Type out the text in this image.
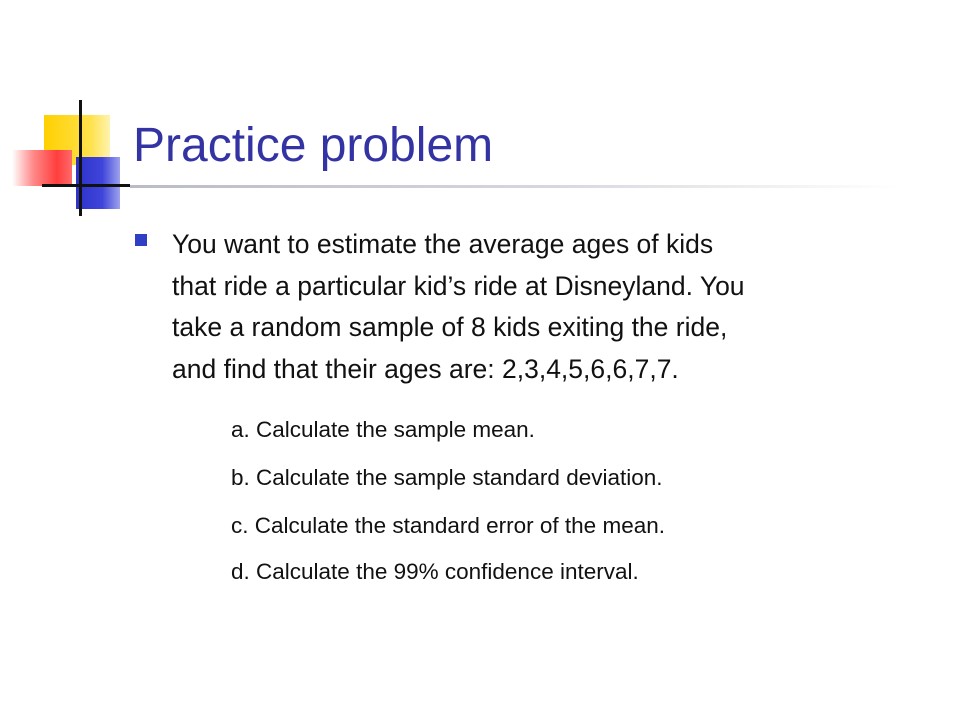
Practice problem
You want to estimate the average ages of kids
that ride a particular kid’s ride at Disneyland. You
take a random sample of 8 kids exiting the ride,
and find that their ages are: 2,3,4,5,6,6,7,7.
a. Calculate the sample mean.
b. Calculate the sample standard deviation.
c. Calculate the standard error of the mean.
d. Calculate the 99% confidence interval.
